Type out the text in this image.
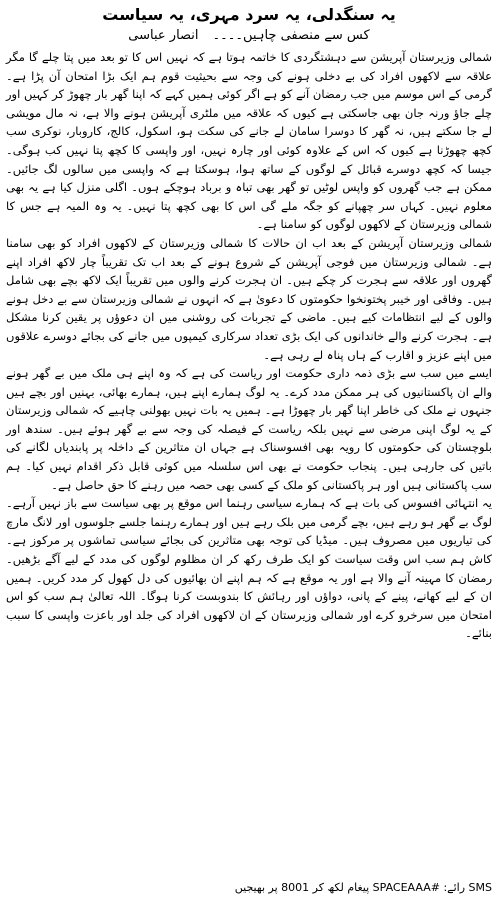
یہ سنگدلی، یہ سرد مہری، یہ سیاست
کس سے منصفی چاہیں۔۔۔۔
انصار عباسی

شمالی وزیرستان آپریشن سے دہشتگردی کا خاتمہ ہوتا ہے کہ نہیں اس کا تو بعد میں پتا چلے گا مگر علاقہ سے لاکھوں افراد کی بے دخلی ہونے کی وجہ سے بحیثیت قوم ہم ایک بڑا امتحان آن پڑا ہے۔ گرمی کے اس موسم میں جب رمضان آنے کو ہے اگر کوئی ہمیں کہے کہ اپنا گھر بار چھوڑ کر کہیں اور چلے جاؤ ورنہ جان بھی جاسکتی ہے کیوں کہ علاقہ میں ملٹری آپریشن ہونے والا ہے، نہ مال مویشی لے جا سکتے ہیں، نہ گھر کا دوسرا سامان لے جانے کی سکت ہو، اسکول، کالج، کاروبار، نوکری سب کچھ چھوڑنا ہے کیوں کہ اس کے علاوہ کوئی اور چارہ نہیں، اور واپسی کا کچھ پتا نہیں کب ہوگی۔ جیسا کہ کچھ دوسرے قبائل کے لوگوں کے ساتھ ہوا، ہوسکتا ہے کہ واپسی میں سالوں لگ جائیں۔ ممکن ہے جب گھروں کو واپس لوٹیں تو گھر بھی تباہ و برباد ہوچکے ہوں۔ اگلی منزل کیا ہے یہ بھی معلوم نہیں۔ کہاں سر چھپانے کو جگہ ملے گی اس کا بھی کچھ پتا نہیں۔ یہ وہ المیہ ہے جس کا شمالی وزیرستان کے لاکھوں لوگوں کو سامنا ہے۔

شمالی وزیرستان آپریشن کے بعد اب ان حالات کا شمالی وزیرستان کے لاکھوں افراد کو بھی سامنا ہے۔ شمالی وزیرستان میں فوجی آپریشن کے شروع ہونے کے بعد اب تک تقریباً چار لاکھ افراد اپنے گھروں اور علاقہ سے ہجرت کر چکے ہیں۔ ان ہجرت کرنے والوں میں تقریباً ایک لاکھ بچے بھی شامل ہیں۔ وفاقی اور خیبر پختونخوا حکومتوں کا دعویٰ ہے کہ انہوں نے شمالی وزیرستان سے بے دخل ہونے والوں کے لیے انتظامات کیے ہیں۔ ماضی کے تجربات کی روشنی میں ان دعوؤں پر یقین کرنا مشکل ہے۔ ہجرت کرنے والے خاندانوں کی ایک بڑی تعداد سرکاری کیمپوں میں جانے کی بجائے دوسرے علاقوں میں اپنے عزیز و اقارب کے ہاں پناہ لے رہی ہے۔

ایسے میں سب سے بڑی ذمہ داری حکومت اور ریاست کی ہے کہ وہ اپنے ہی ملک میں بے گھر ہونے والے ان پاکستانیوں کی ہر ممکن مدد کرے۔ یہ لوگ ہمارے اپنے ہیں، ہمارے بھائی، بہنیں اور بچے ہیں جنہوں نے ملک کی خاطر اپنا گھر بار چھوڑا ہے۔ ہمیں یہ بات نہیں بھولنی چاہیے کہ شمالی وزیرستان کے یہ لوگ اپنی مرضی سے نہیں بلکہ ریاست کے فیصلہ کی وجہ سے بے گھر ہوئے ہیں۔ سندھ اور بلوچستان کی حکومتوں کا رویہ بھی افسوسناک ہے جہاں ان متاثرین کے داخلہ پر پابندیاں لگانے کی باتیں کی جارہی ہیں۔ پنجاب حکومت نے بھی اس سلسلہ میں کوئی قابل ذکر اقدام نہیں کیا۔ ہم سب پاکستانی ہیں اور ہر پاکستانی کو ملک کے کسی بھی حصہ میں رہنے کا حق حاصل ہے۔

یہ انتہائی افسوس کی بات ہے کہ ہمارے سیاسی رہنما اس موقع پر بھی سیاست سے باز نہیں آرہے۔ لوگ بے گھر ہو رہے ہیں، بچے گرمی میں بلک رہے ہیں اور ہمارے رہنما جلسے جلوسوں اور لانگ مارچ کی تیاریوں میں مصروف ہیں۔ میڈیا کی توجہ بھی متاثرین کی بجائے سیاسی تماشوں پر مرکوز ہے۔ کاش ہم سب اس وقت سیاست کو ایک طرف رکھ کر ان مظلوم لوگوں کی مدد کے لیے آگے بڑھیں۔ رمضان کا مہینہ آنے والا ہے اور یہ موقع ہے کہ ہم اپنے ان بھائیوں کی دل کھول کر مدد کریں۔ ہمیں ان کے لیے کھانے، پینے کے پانی، دواؤں اور رہائش کا بندوبست کرنا ہوگا۔ اللہ تعالیٰ ہم سب کو اس امتحان میں سرخرو کرے اور شمالی وزیرستان کے ان لاکھوں افراد کی جلد اور باعزت واپسی کا سبب بنائے۔

SMS رائے: #SPACEAAA پیغام لکھ کر 8001 پر بھیجیں
